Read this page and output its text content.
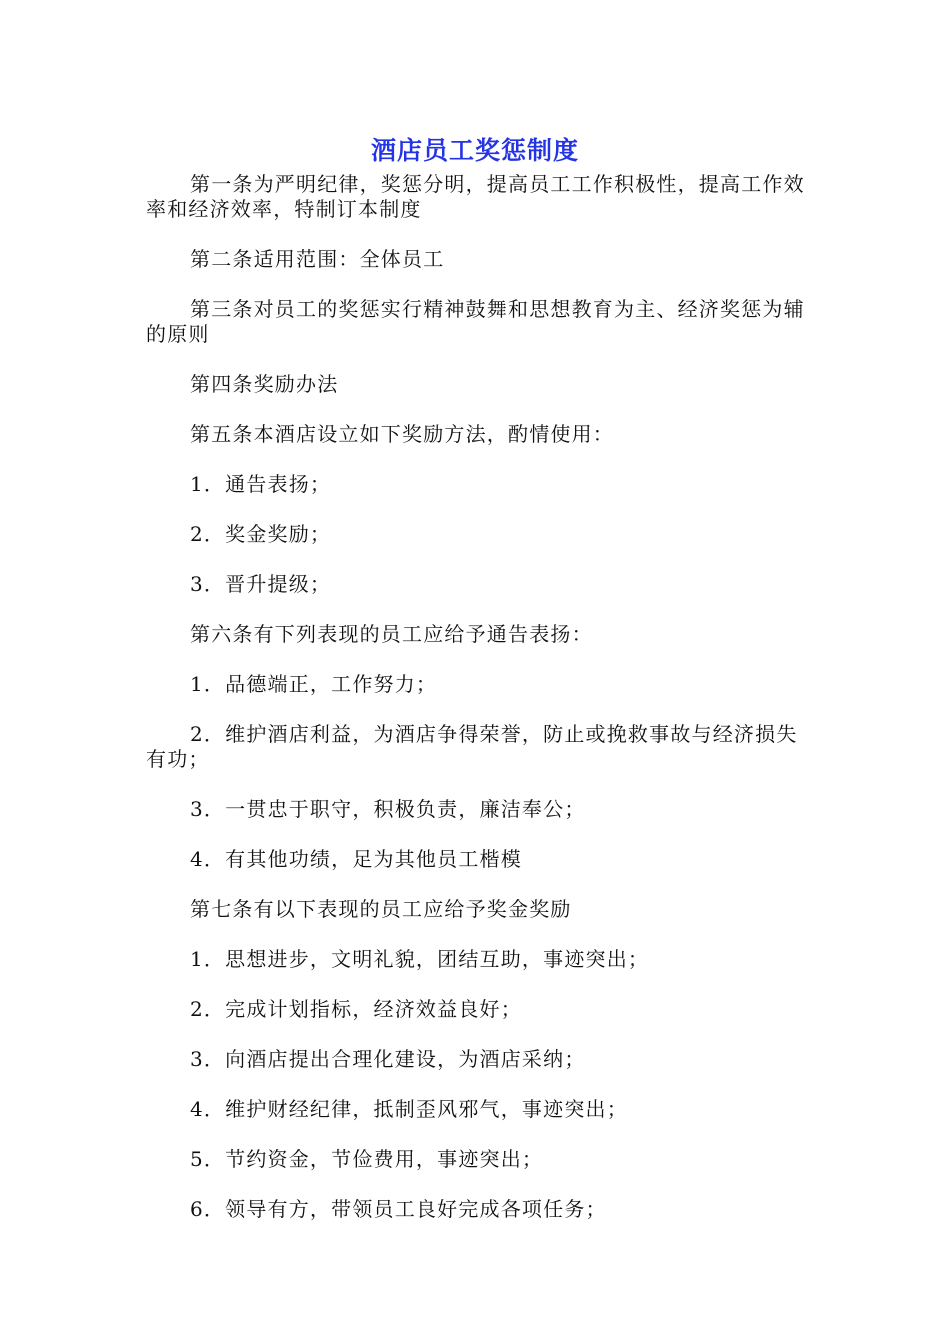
酒店员工奖惩制度

第一条为严明纪律，奖惩分明，提高员工工作积极性，提高工作效率和经济效率，特制订本制度

第二条适用范围：全体员工

第三条对员工的奖惩实行精神鼓舞和思想教育为主、经济奖惩为辅的原则

第四条奖励办法

第五条本酒店设立如下奖励方法，酌情使用：

1．通告表扬；

2．奖金奖励；

3．晋升提级；

第六条有下列表现的员工应给予通告表扬：

1．品德端正，工作努力；

2．维护酒店利益，为酒店争得荣誉，防止或挽救事故与经济损失有功；

3．一贯忠于职守，积极负责，廉洁奉公；

4．有其他功绩，足为其他员工楷模

第七条有以下表现的员工应给予奖金奖励

1．思想进步，文明礼貌，团结互助，事迹突出；

2．完成计划指标，经济效益良好；

3．向酒店提出合理化建设，为酒店采纳；

4．维护财经纪律，抵制歪风邪气，事迹突出；

5．节约资金，节俭费用，事迹突出；

6．领导有方，带领员工良好完成各项任务；
